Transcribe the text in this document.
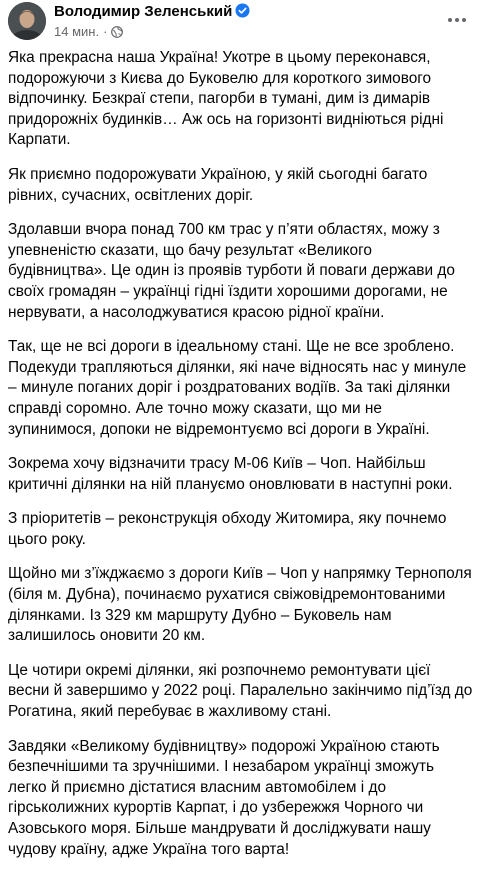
Володимир Зеленський
14 мин. ·

Яка прекрасна наша Україна! Укотре в цьому переконався, подорожуючи з Києва до Буковелю для короткого зимового відпочинку. Безкраї степи, пагорби в тумані, дим із димарів придорожніх будинків… Аж ось на горизонті видніються рідні Карпати.

Як приємно подорожувати Україною, у якій сьогодні багато рівних, сучасних, освітлених доріг.

Здолавши вчора понад 700 км трас у п’яти областях, можу з упевненістю сказати, що бачу результат «Великого будівництва». Це один із проявів турботи й поваги держави до своїх громадян – українці гідні їздити хорошими дорогами, не нервувати, а насолоджуватися красою рідної країни.

Так, ще не всі дороги в ідеальному стані. Ще не все зроблено. Подекуди трапляються ділянки, які наче відносять нас у минуле – минуле поганих доріг і роздратованих водіїв. За такі ділянки справді соромно. Але точно можу сказати, що ми не зупинимося, допоки не відремонтуємо всі дороги в Україні.

Зокрема хочу відзначити трасу М-06 Київ – Чоп. Найбільш критичні ділянки на ній плануємо оновлювати в наступні роки.

З пріоритетів – реконструкція обходу Житомира, яку почнемо цього року.

Щойно ми з’їжджаємо з дороги Київ – Чоп у напрямку Тернополя (біля м. Дубна), починаємо рухатися свіжовідремонтованими ділянками. Із 329 км маршруту Дубно – Буковель нам залишилось оновити 20 км.

Це чотири окремі ділянки, які розпочнемо ремонтувати цієї весни й завершимо у 2022 році. Паралельно закінчимо під’їзд до Рогатина, який перебуває в жахливому стані.

Завдяки «Великому будівництву» подорожі Україною стають безпечнішими та зручнішими. І незабаром українці зможуть легко й приємно дістатися власним автомобілем і до гірськолижних курортів Карпат, і до узбережжя Чорного чи Азовського моря. Більше мандрувати й досліджувати нашу чудову країну, адже Україна того варта!
